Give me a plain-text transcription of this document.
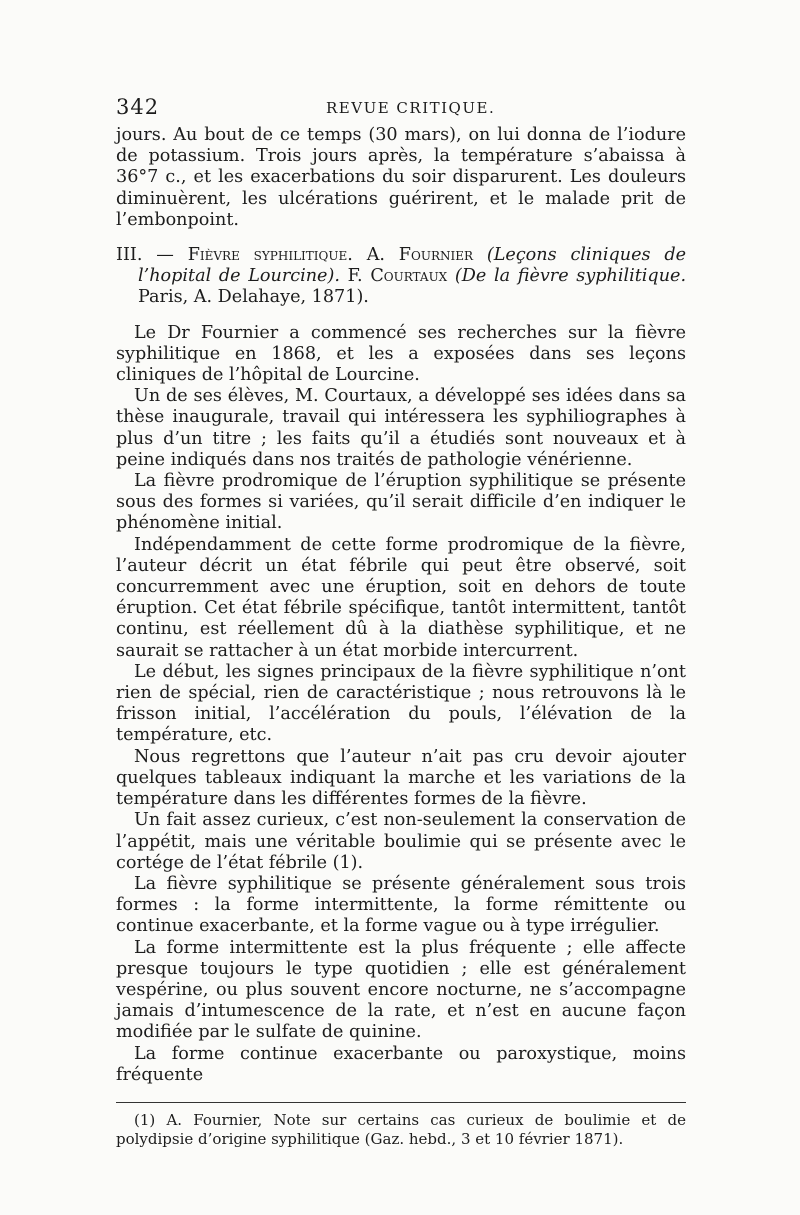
342	REVUE CRITIQUE.

jours. Au bout de ce temps (30 mars), on lui donna de l’iodure de potassium. Trois jours après, la température s’abaissa à 36°7 c., et les exacerbations du soir disparurent. Les douleurs diminuèrent, les ulcérations guérirent, et le malade prit de l’embonpoint.

III. — Fièvre syphilitique. A. Fournier (Leçons cliniques de l’hopital de Lourcine). F. Courtaux (De la fièvre syphilitique. Paris, A. Delahaye, 1871).

Le Dr Fournier a commencé ses recherches sur la fièvre syphilitique en 1868, et les a exposées dans ses leçons cliniques de l’hôpital de Lourcine.

Un de ses élèves, M. Courtaux, a développé ses idées dans sa thèse inaugurale, travail qui intéressera les syphiliographes à plus d’un titre ; les faits qu’il a étudiés sont nouveaux et à peine indiqués dans nos traités de pathologie vénérienne.

La fièvre prodromique de l’éruption syphilitique se présente sous des formes si variées, qu’il serait difficile d’en indiquer le phénomène initial.

Indépendamment de cette forme prodromique de la fièvre, l’auteur décrit un état fébrile qui peut être observé, soit concurremment avec une éruption, soit en dehors de toute éruption. Cet état fébrile spécifique, tantôt intermittent, tantôt continu, est réellement dû à la diathèse syphilitique, et ne saurait se rattacher à un état morbide intercurrent.

Le début, les signes principaux de la fièvre syphilitique n’ont rien de spécial, rien de caractéristique ; nous retrouvons là le frisson initial, l’accélération du pouls, l’élévation de la température, etc.

Nous regrettons que l’auteur n’ait pas cru devoir ajouter quelques tableaux indiquant la marche et les variations de la température dans les différentes formes de la fièvre.

Un fait assez curieux, c’est non-seulement la conservation de l’appétit, mais une véritable boulimie qui se présente avec le cortége de l’état fébrile (1).

La fièvre syphilitique se présente généralement sous trois formes : la forme intermittente, la forme rémittente ou continue exacerbante, et la forme vague ou à type irrégulier.

La forme intermittente est la plus fréquente ; elle affecte presque toujours le type quotidien ; elle est généralement vespérine, ou plus souvent encore nocturne, ne s’accompagne jamais d’intumescence de la rate, et n’est en aucune façon modifiée par le sulfate de quinine.

La forme continue exacerbante ou paroxystique, moins fréquente

(1) A. Fournier, Note sur certains cas curieux de boulimie et de polydipsie d’origine syphilitique (Gaz. hebd., 3 et 10 février 1871).
